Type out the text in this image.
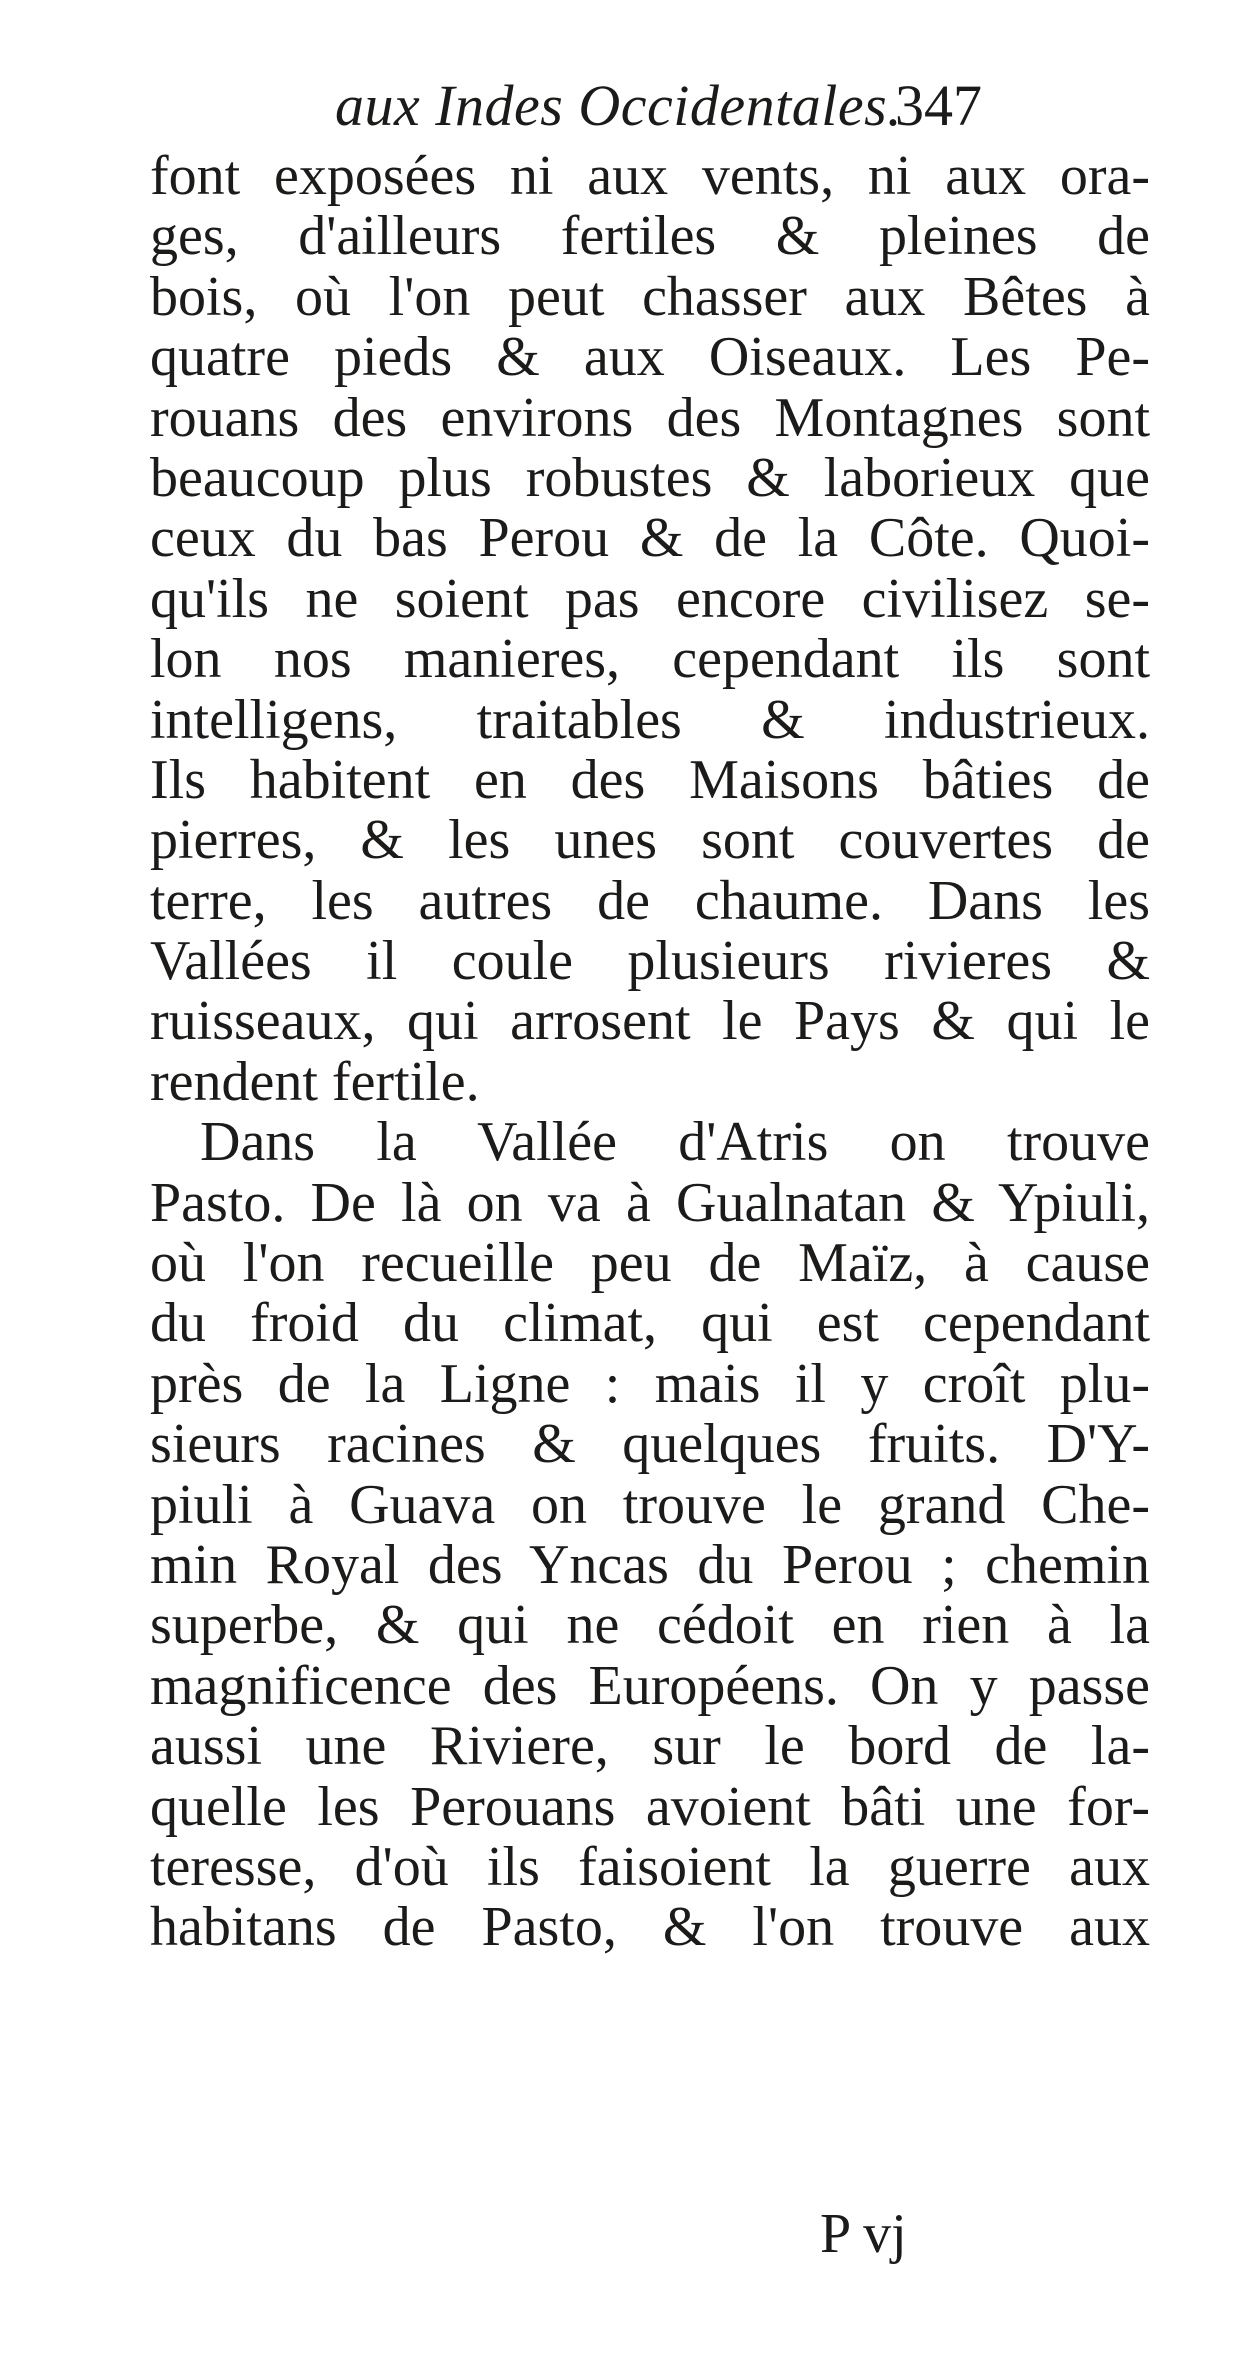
aux Indes Occidentales.
347
font exposées ni aux vents, ni aux ora-
ges, d'ailleurs fertiles & pleines de
bois, où l'on peut chasser aux Bêtes à
quatre pieds & aux Oiseaux. Les Pe-
rouans des environs des Montagnes sont
beaucoup plus robustes & laborieux que
ceux du bas Perou & de la Côte. Quoi-
qu'ils ne soient pas encore civilisez se-
lon nos manieres, cependant ils sont
intelligens, traitables & industrieux.
Ils habitent en des Maisons bâties de
pierres, & les unes sont couvertes de
terre, les autres de chaume. Dans les
Vallées il coule plusieurs rivieres &
ruisseaux, qui arrosent le Pays & qui le
rendent fertile.
Dans la Vallée d'Atris on trouve
Pasto. De là on va à Gualnatan & Ypiuli,
où l'on recueille peu de Maïz, à cause
du froid du climat, qui est cependant
près de la Ligne : mais il y croît plu-
sieurs racines & quelques fruits. D'Y-
piuli à Guava on trouve le grand Che-
min Royal des Yncas du Perou ; chemin
superbe, & qui ne cédoit en rien à la
magnificence des Européens. On y passe
aussi une Riviere, sur le bord de la-
quelle les Perouans avoient bâti une for-
teresse, d'où ils faisoient la guerre aux
habitans de Pasto, & l'on trouve aux
P vj
